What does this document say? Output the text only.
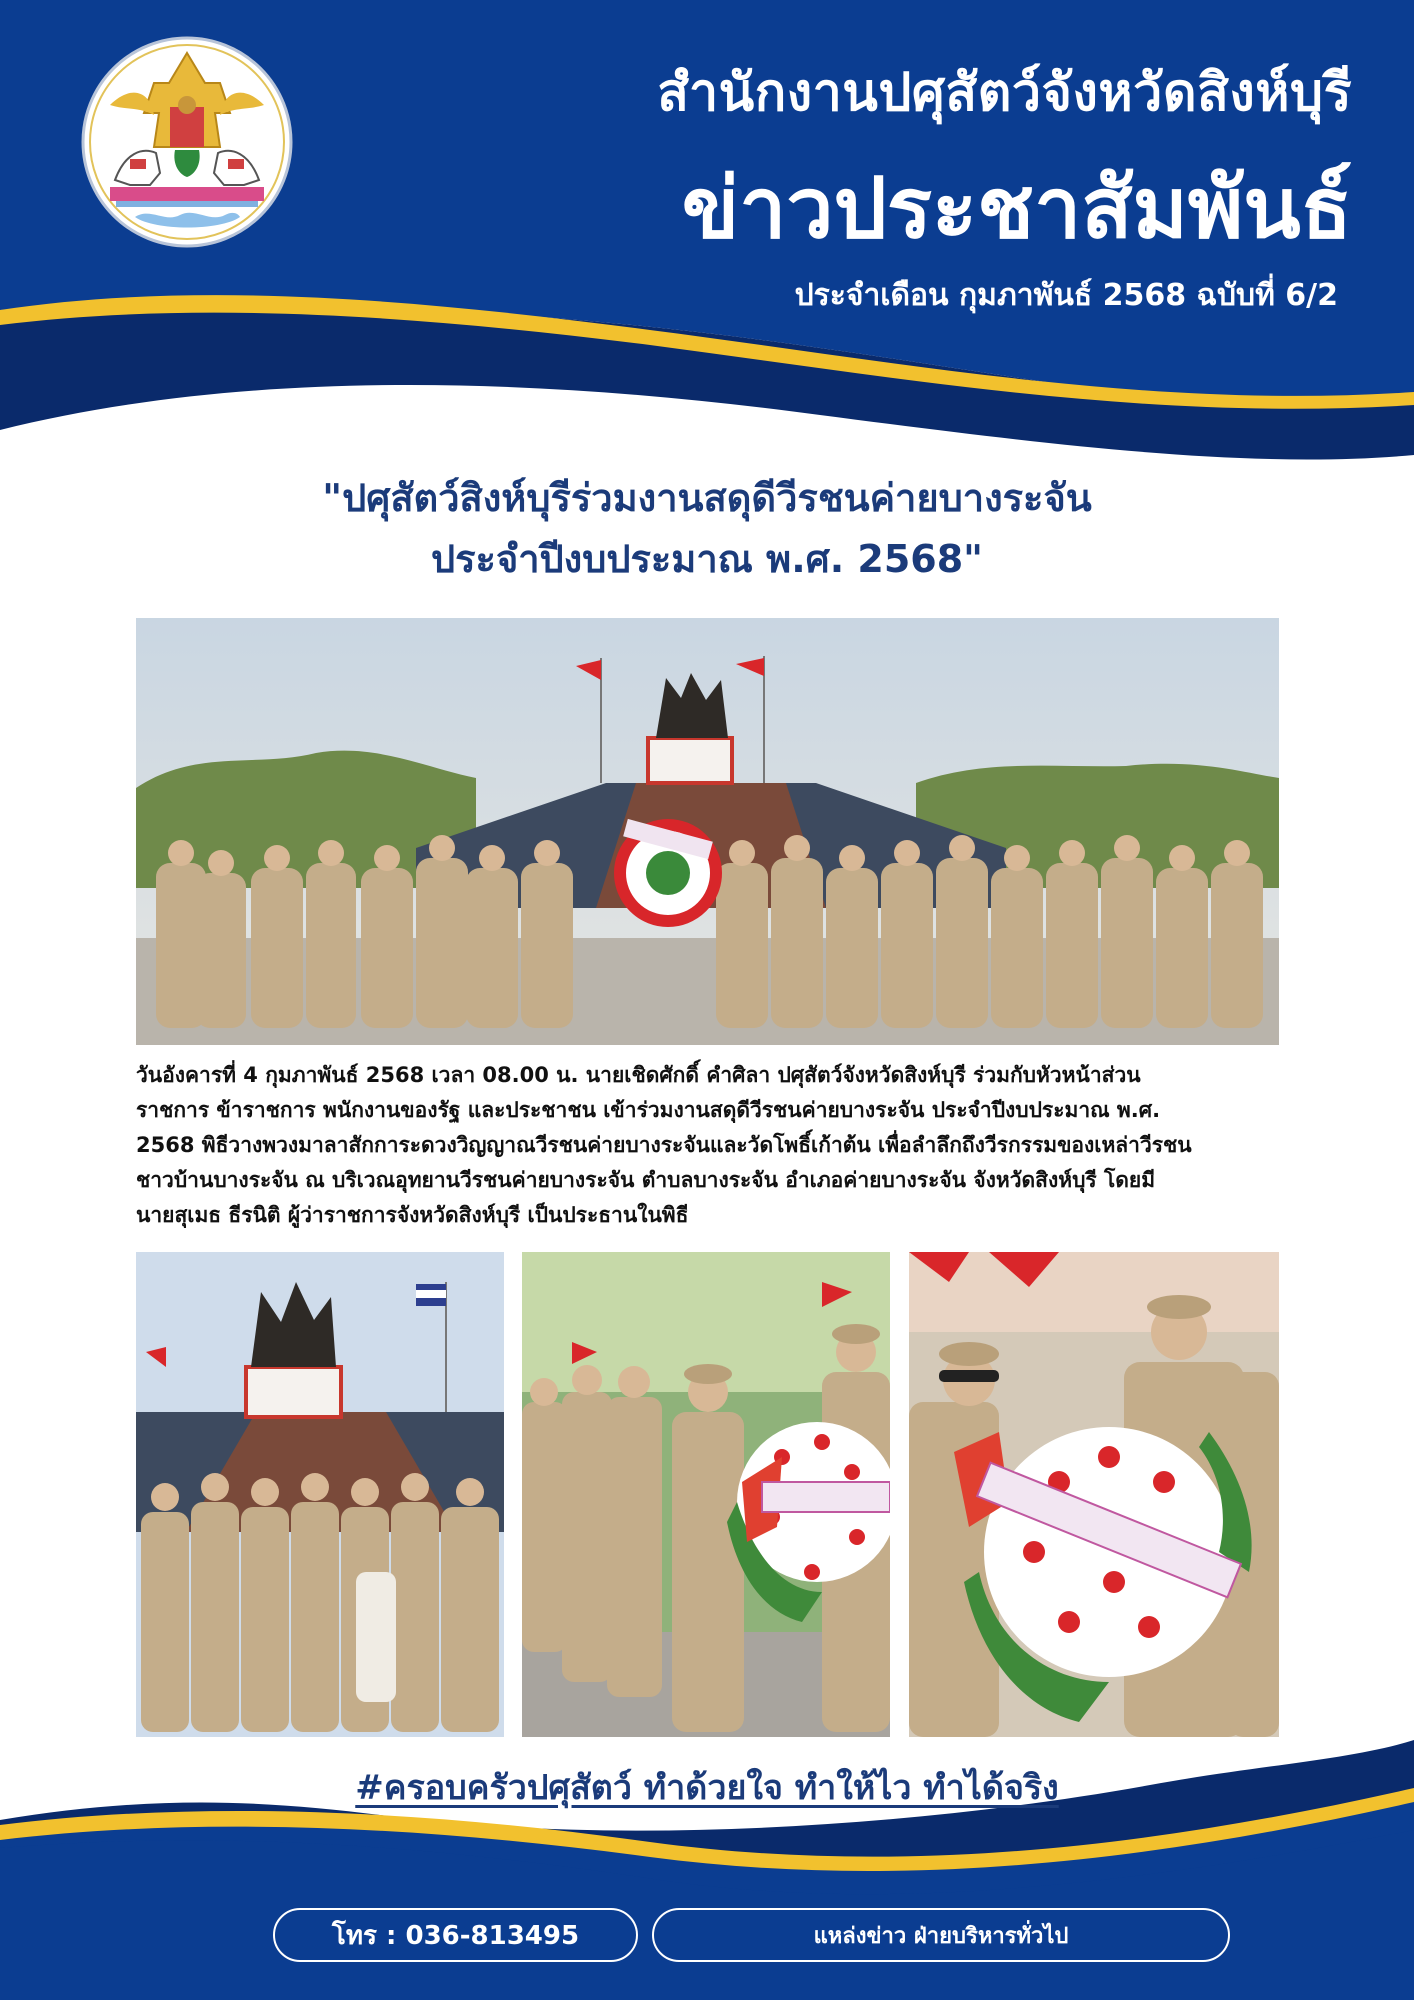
สำนักงานปศุสัตว์จังหวัดสิงห์บุรี
ข่าวประชาสัมพันธ์
ประจำเดือน กุมภาพันธ์ 2568 ฉบับที่ 6/2
"ปศุสัตว์สิงห์บุรีร่วมงานสดุดีวีรชนค่ายบางระจัน
ประจำปีงบประมาณ พ.ศ. 2568"
วันอังคารที่ 4 กุมภาพันธ์ 2568 เวลา 08.00 น. นายเชิดศักดิ์ คำศิลา ปศุสัตว์จังหวัดสิงห์บุรี ร่วมกับหัวหน้าส่วน
ราชการ ข้าราชการ พนักงานของรัฐ และประชาชน เข้าร่วมงานสดุดีวีรชนค่ายบางระจัน ประจำปีงบประมาณ พ.ศ.
2568 พิธีวางพวงมาลาสักการะดวงวิญญาณวีรชนค่ายบางระจันและวัดโพธิ์เก้าต้น เพื่อลำลึกถึงวีรกรรมของเหล่าวีรชน
ชาวบ้านบางระจัน ณ บริเวณอุทยานวีรชนค่ายบางระจัน ตำบลบางระจัน อำเภอค่ายบางระจัน จังหวัดสิงห์บุรี โดยมี
นายสุเมธ ธีรนิติ ผู้ว่าราชการจังหวัดสิงห์บุรี เป็นประธานในพิธี
#ครอบครัวปศุสัตว์ ทำด้วยใจ ทำให้ไว ทำได้จริง
โทร : 036-813495	แหล่งข่าว ฝ่ายบริหารทั่วไป
